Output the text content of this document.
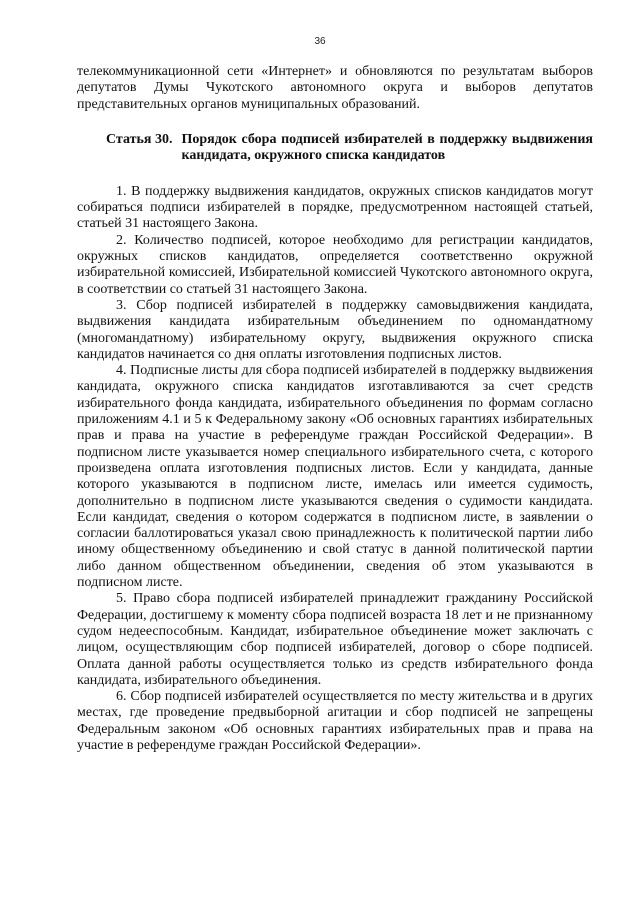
36

телекоммуникационной сети «Интернет» и обновляются по результатам выборов депутатов Думы Чукотского автономного округа и выборов депутатов представительных органов муниципальных образований.

Статья 30. Порядок сбора подписей избирателей в поддержку выдвижения кандидата, окружного списка кандидатов

1. В поддержку выдвижения кандидатов, окружных списков кандидатов могут собираться подписи избирателей в порядке, предусмотренном настоящей статьей, статьей 31 настоящего Закона.

2. Количество подписей, которое необходимо для регистрации кандидатов, окружных списков кандидатов, определяется соответственно окружной избирательной комиссией, Избирательной комиссией Чукотского автономного округа, в соответствии со статьей 31 настоящего Закона.

3. Сбор подписей избирателей в поддержку самовыдвижения кандидата, выдвижения кандидата избирательным объединением по одномандатному (многомандатному) избирательному округу, выдвижения окружного списка кандидатов начинается со дня оплаты изготовления подписных листов.

4. Подписные листы для сбора подписей избирателей в поддержку выдвижения кандидата, окружного списка кандидатов изготавливаются за счет средств избирательного фонда кандидата, избирательного объединения по формам согласно приложениям 4.1 и 5 к Федеральному закону «Об основных гарантиях избирательных прав и права на участие в референдуме граждан Российской Федерации». В подписном листе указывается номер специального избирательного счета, с которого произведена оплата изготовления подписных листов. Если у кандидата, данные которого указываются в подписном листе, имелась или имеется судимость, дополнительно в подписном листе указываются сведения о судимости кандидата. Если кандидат, сведения о котором содержатся в подписном листе, в заявлении о согласии баллотироваться указал свою принадлежность к политической партии либо иному общественному объединению и свой статус в данной политической партии либо данном общественном объединении, сведения об этом указываются в подписном листе.

5. Право сбора подписей избирателей принадлежит гражданину Российской Федерации, достигшему к моменту сбора подписей возраста 18 лет и не признанному судом недееспособным. Кандидат, избирательное объединение может заключать с лицом, осуществляющим сбор подписей избирателей, договор о сборе подписей. Оплата данной работы осуществляется только из средств избирательного фонда кандидата, избирательного объединения.

6. Сбор подписей избирателей осуществляется по месту жительства и в других местах, где проведение предвыборной агитации и сбор подписей не запрещены Федеральным законом «Об основных гарантиях избирательных прав и права на участие в референдуме граждан Российской Федерации».
